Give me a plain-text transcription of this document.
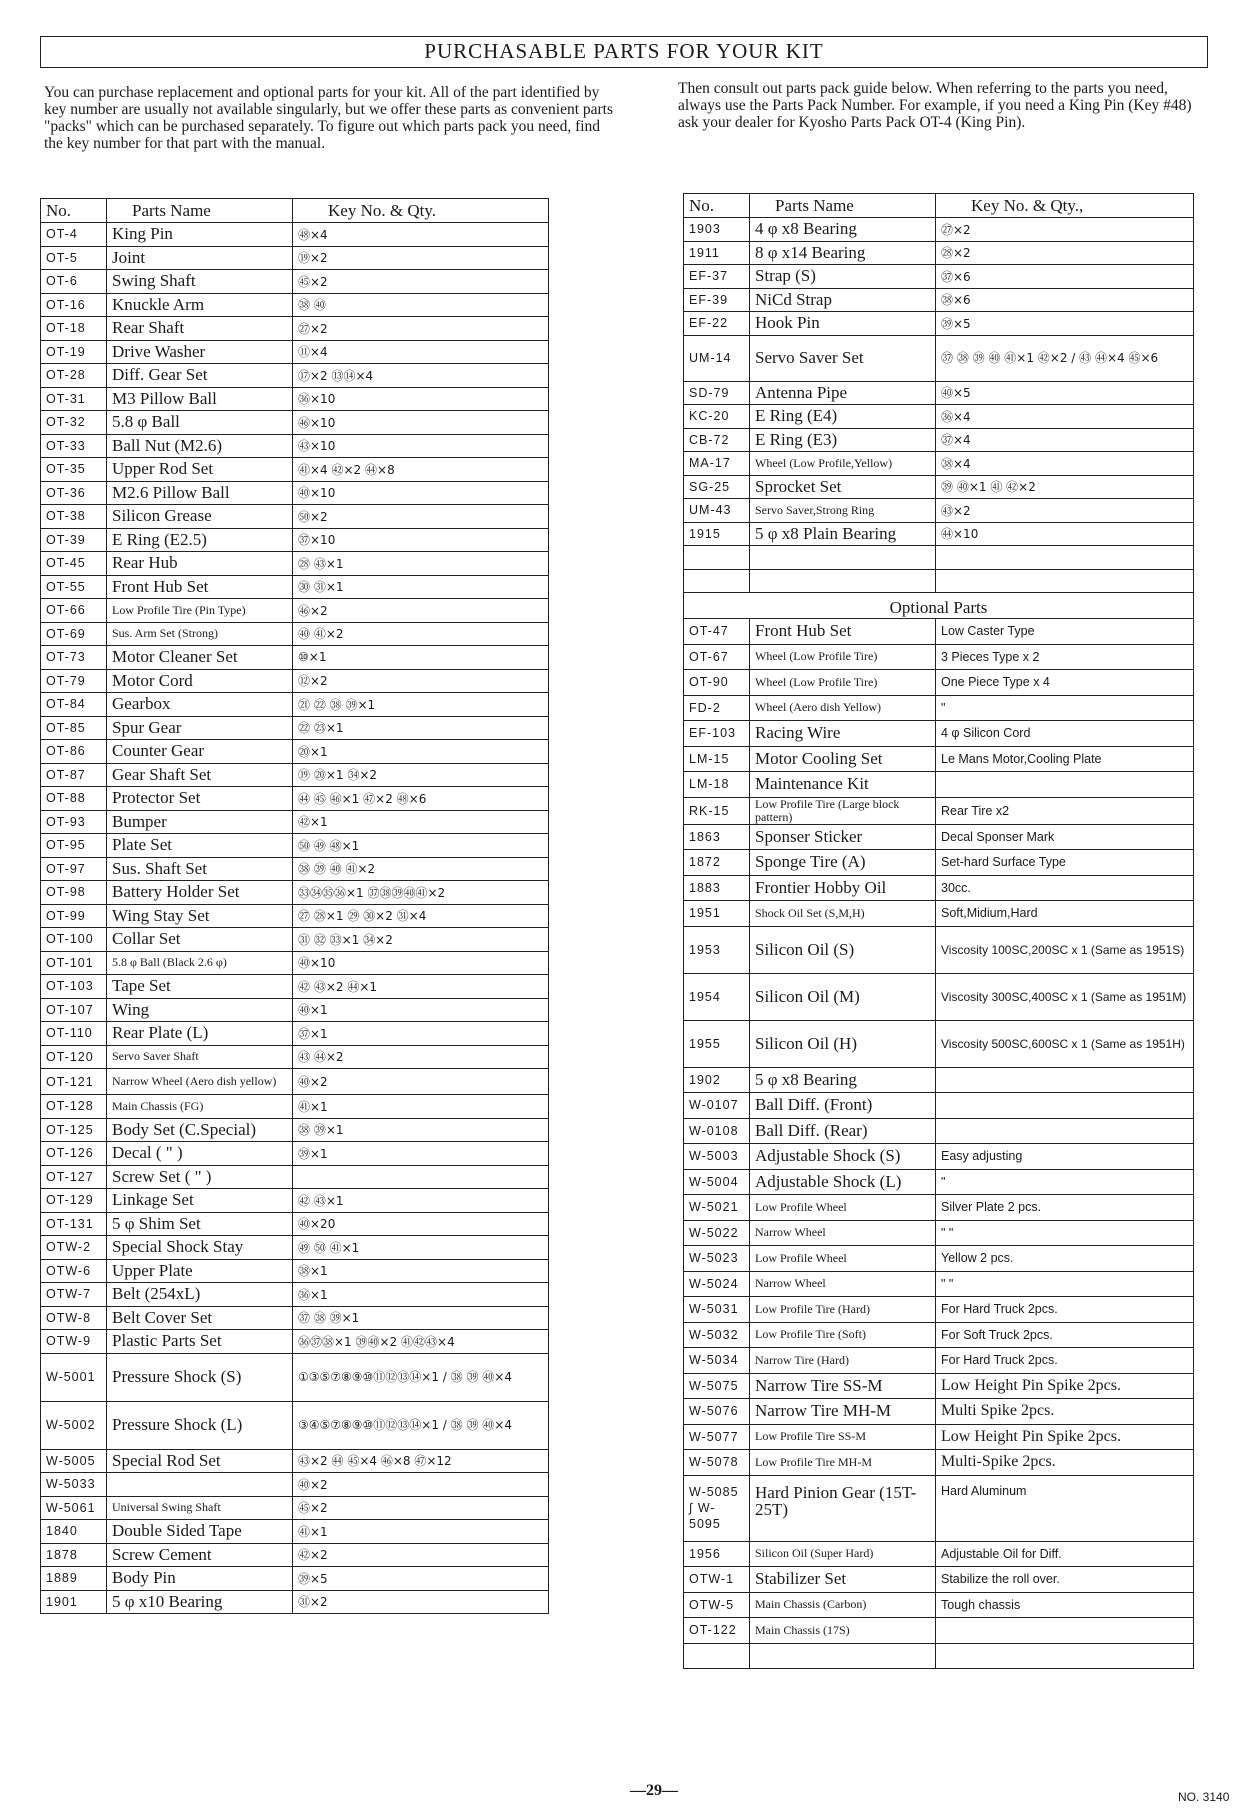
PURCHASABLE PARTS FOR YOUR KIT
You can purchase replacement and optional parts for your kit. All of the part identified by key number are usually not available singularly, but we offer these parts as convenient parts "packs" which can be purchased separately. To figure out which parts pack you need, find the key number for that part with the manual.
Then consult out parts pack guide below. When referring to the parts you need, always use the Parts Pack Number. For example, if you need a King Pin (Key #48) ask your dealer for Kyosho Parts Pack OT-4 (King Pin).
No.	Parts Name	Key No. & Qty.
OT-4	King Pin	㊽×4
OT-5	Joint	⑲×2
OT-6	Swing Shaft	㊺×2
OT-16	Knuckle Arm	㊳ ㊵
OT-18	Rear Shaft	㉗×2
OT-19	Drive Washer	⑪×4
OT-28	Diff. Gear Set	⑰×2 ⑬⑭×4
OT-31	M3 Pillow Ball	㊱×10
OT-32	5.8 φ Ball	㊻×10
OT-33	Ball Nut (M2.6)	㊸×10
OT-35	Upper Rod Set	㊶×4 ㊷×2 ㊹×8
OT-36	M2.6 Pillow Ball	㊵×10
OT-38	Silicon Grease	㊿×2
OT-39	E Ring (E2.5)	㊲×10
OT-45	Rear Hub	㉘ ㊸×1
OT-55	Front Hub Set	㉚ ㉛×1
OT-66	Low Profile Tire (Pin Type)	㊻×2
OT-69	Sus. Arm Set (Strong)	㊵ ㊶×2
OT-73	Motor Cleaner Set	⑩×1
OT-79	Motor Cord	⑫×2
OT-84	Gearbox	㉑ ㉒ ㊳ ㊴×1
OT-85	Spur Gear	㉒ ㉓×1
OT-86	Counter Gear	⑳×1
OT-87	Gear Shaft Set	⑲ ⑳×1 ㉞×2
OT-88	Protector Set	㊹ ㊺ ㊻×1 ㊼×2 ㊽×6
OT-93	Bumper	㊷×1
OT-95	Plate Set	㊿ ㊾ ㊽×1
OT-97	Sus. Shaft Set	㊳ ㊴ ㊵ ㊶×2
OT-98	Battery Holder Set	㉝㉞㉟㊱×1 ㊲㊳㊴㊵㊶×2
OT-99	Wing Stay Set	㉗ ㉘×1 ㉙ ㉚×2 ㉛×4
OT-100	Collar Set	㉛ ㉜ ㉝×1 ㉞×2
OT-101	5.8 φ Ball (Black 2.6 φ)	㊵×10
OT-103	Tape Set	㊷ ㊸×2 ㊹×1
OT-107	Wing	㊵×1
OT-110	Rear Plate (L)	㊲×1
OT-120	Servo Saver Shaft	㊸ ㊹×2
OT-121	Narrow Wheel (Aero dish yellow)	㊵×2
OT-128	Main Chassis (FG)	㊶×1
OT-125	Body Set (C.Special)	㊳ ㊴×1
OT-126	Decal ( " )	㊴×1
OT-127	Screw Set ( " )	
OT-129	Linkage Set	㊷ ㊸×1
OT-131	5 φ Shim Set	㊵×20
OTW-2	Special Shock Stay	㊾ ㊿ ㊶×1
OTW-6	Upper Plate	㊳×1
OTW-7	Belt (254xL)	㊱×1
OTW-8	Belt Cover Set	㊲ ㊳ ㊴×1
OTW-9	Plastic Parts Set	㊱㊲㊳×1 ㊴㊵×2 ㊶㊷㊸×4
W-5001	Pressure Shock (S)	①③⑤⑦⑧⑨⑩⑪⑫⑬⑭×1 / ㊳ ㊴ ㊵×4
W-5002	Pressure Shock (L)	③④⑤⑦⑧⑨⑩⑪⑫⑬⑭×1 / ㊳ ㊴ ㊵×4
W-5005	Special Rod Set	㊸×2 ㊹ ㊺×4 ㊻×8 ㊼×12
W-5033		㊵×2
W-5061	Universal Swing Shaft	㊺×2
1840	Double Sided Tape	㊶×1
1878	Screw Cement	㊷×2
1889	Body Pin	㊴×5
1901	5 φ x10 Bearing	㉛×2
No.	Parts Name	Key No. & Qty.,
1903	4 φ x8 Bearing	㉗×2
1911	8 φ x14 Bearing	㉘×2
EF-37	Strap (S)	㊲×6
EF-39	NiCd Strap	㊳×6
EF-22	Hook Pin	㊴×5
UM-14	Servo Saver Set	㊲ ㊳ ㊴ ㊵ ㊶×1 ㊷×2 / ㊸ ㊹×4 ㊺×6
SD-79	Antenna Pipe	㊵×5
KC-20	E Ring (E4)	㊱×4
CB-72	E Ring (E3)	㊲×4
MA-17	Wheel (Low Profile,Yellow)	㊳×4
SG-25	Sprocket Set	㊴ ㊵×1 ㊶ ㊷×2
UM-43	Servo Saver,Strong Ring	㊸×2
1915	5 φ x8 Plain Bearing	㊹×10

Optional Parts		
OT-47	Front Hub Set	Low Caster Type
OT-67	Wheel (Low Profile Tire)	3 Pieces Type x 2
OT-90	Wheel (Low Profile Tire)	One Piece Type x 4
FD-2	Wheel (Aero dish Yellow)	"
EF-103	Racing Wire	4 φ Silicon Cord
LM-15	Motor Cooling Set	Le Mans Motor,Cooling Plate
LM-18	Maintenance Kit	
RK-15	Low Profile Tire (Large block pattern)	Rear Tire x2
1863	Sponser Sticker	Decal Sponser Mark
1872	Sponge Tire (A)	Set-hard Surface Type
1883	Frontier Hobby Oil	30cc.
1951	Shock Oil Set (S,M,H)	Soft,Midium,Hard
1953	Silicon Oil (S)	Viscosity 100SC,200SC x 1 (Same as 1951S)
1954	Silicon Oil (M)	Viscosity 300SC,400SC x 1 (Same as 1951M)
1955	Silicon Oil (H)	Viscosity 500SC,600SC x 1 (Same as 1951H)
1902	5 φ x8 Bearing	
W-0107	Ball Diff. (Front)	
W-0108	Ball Diff. (Rear)	
W-5003	Adjustable Shock (S)	Easy adjusting
W-5004	Adjustable Shock (L)	"
W-5021	Low Profile Wheel	Silver Plate 2 pcs.
W-5022	Narrow Wheel	" "
W-5023	Low Profile Wheel	Yellow 2 pcs.
W-5024	Narrow Wheel	" "
W-5031	Low Profile Tire (Hard)	For Hard Truck 2pcs.
W-5032	Low Profile Tire (Soft)	For Soft Truck 2pcs.
W-5034	Narrow Tire (Hard)	For Hard Truck 2pcs.
W-5075	Narrow Tire SS-M	Low Height Pin Spike 2pcs.
W-5076	Narrow Tire MH-M	Multi Spike 2pcs.
W-5077	Low Profile Tire SS-M	Low Height Pin Spike 2pcs.
W-5078	Low Profile Tire MH-M	Multi-Spike 2pcs.
W-5085 ∫ W-5095	Hard Pinion Gear (15T-25T)	Hard Aluminum
1956	Silicon Oil (Super Hard)	Adjustable Oil for Diff.
OTW-1	Stabilizer Set	Stabilize the roll over.
OTW-5	Main Chassis (Carbon)	Tough chassis
OT-122	Main Chassis (17S)	

—29—	NO. 3140
